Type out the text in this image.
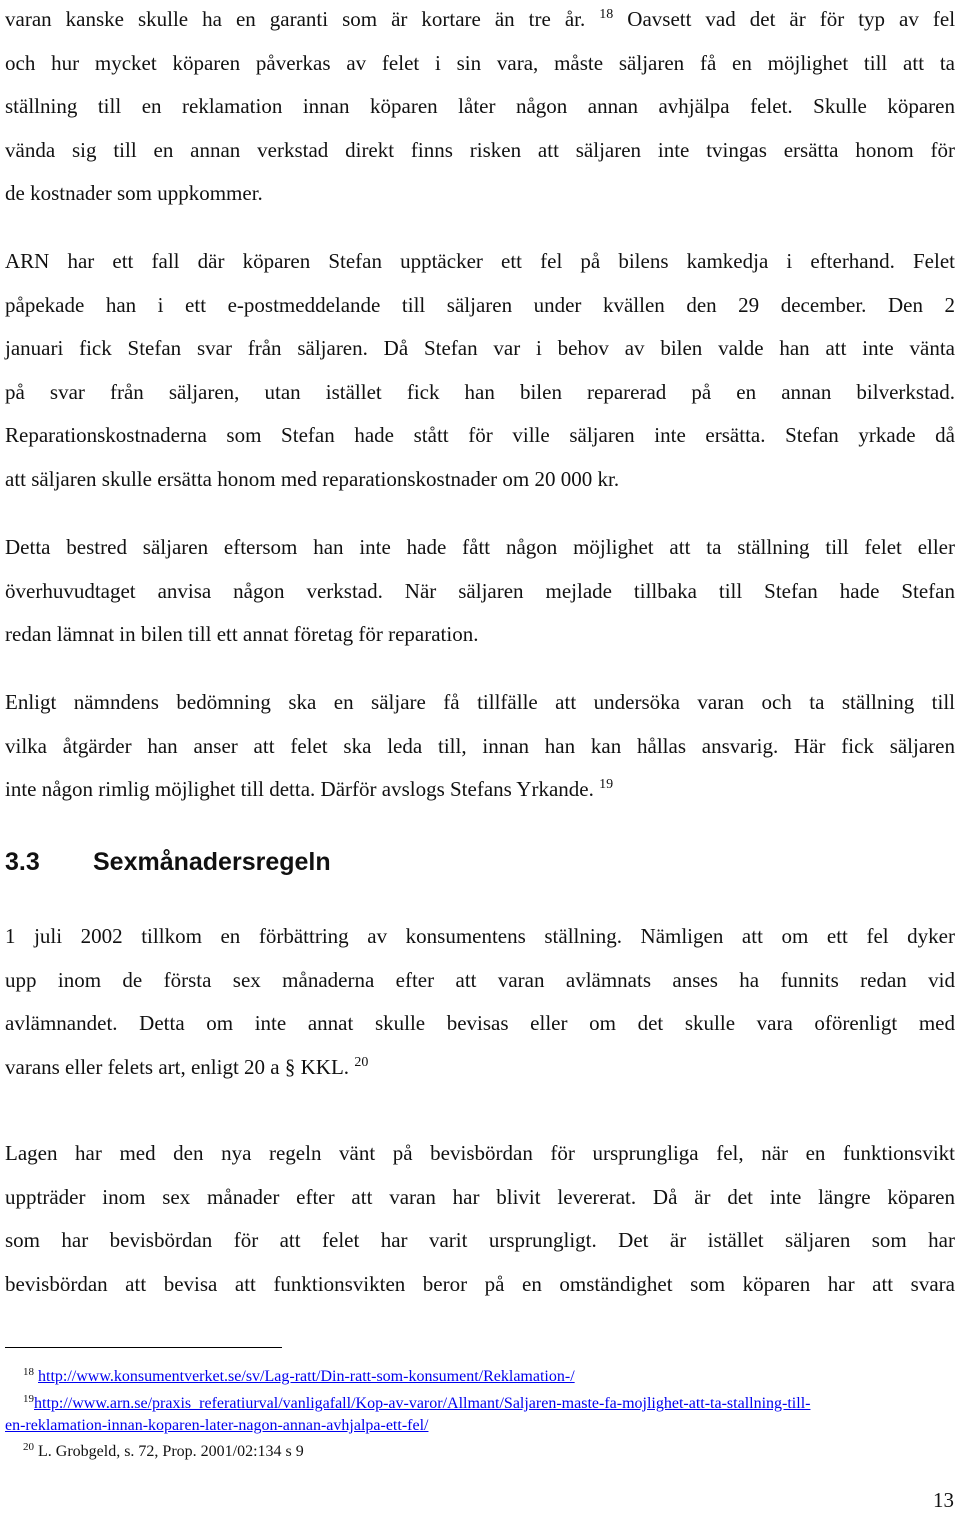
varan kanske skulle ha en garanti som är kortare än tre år. $^{18}$ Oavsett vad det är för typ av fel
och hur mycket köparen påverkas av felet i sin vara, måste säljaren få en möjlighet till att ta
ställning till en reklamation innan köparen låter någon annan avhjälpa felet. Skulle köparen
vända sig till en annan verkstad direkt finns risken att säljaren inte tvingas ersätta honom för
de kostnader som uppkommer.
ARN har ett fall där köparen Stefan upptäcker ett fel på bilens kamkedja i efterhand. Felet
påpekade han i ett e-postmeddelande till säljaren under kvällen den 29 december. Den 2
januari fick Stefan svar från säljaren. Då Stefan var i behov av bilen valde han att inte vänta
på svar från säljaren, utan istället fick han bilen reparerad på en annan bilverkstad.
Reparationskostnaderna som Stefan hade stått för ville säljaren inte ersätta. Stefan yrkade då
att säljaren skulle ersätta honom med reparationskostnader om 20 000 kr.
Detta bestred säljaren eftersom han inte hade fått någon möjlighet att ta ställning till felet eller
överhuvudtaget anvisa någon verkstad. När säljaren mejlade tillbaka till Stefan hade Stefan
redan lämnat in bilen till ett annat företag för reparation.
Enligt nämndens bedömning ska en säljare få tillfälle att undersöka varan och ta ställning till
vilka åtgärder han anser att felet ska leda till, innan han kan hållas ansvarig. Här fick säljaren
inte någon rimlig möjlighet till detta. Därför avslogs Stefans Yrkande. $^{19}$
3.3 Sexmånadersregeln
1 juli 2002 tillkom en förbättring av konsumentens ställning. Nämligen att om ett fel dyker
upp inom de första sex månaderna efter att varan avlämnats anses ha funnits redan vid
avlämnandet. Detta om inte annat skulle bevisas eller om det skulle vara oförenligt med
varans eller felets art, enligt 20 a § KKL. $^{20}$
Lagen har med den nya regeln vänt på bevisbördan för ursprungliga fel, när en funktionsvikt
uppträder inom sex månader efter att varan har blivit levererat. Då är det inte längre köparen
som har bevisbördan för att felet har varit ursprungligt. Det är istället säljaren som har
bevisbördan att bevisa att funktionsvikten beror på en omständighet som köparen har att svara
$^{18}$ http://www.konsumentverket.se/sv/Lag-ratt/Din-ratt-som-konsument/Reklamation-/
$^{19}$http://www.arn.se/praxis_referatiurval/vanligafall/Kop-av-varor/Allmant/Saljaren-maste-fa-mojlighet-att-ta-stallning-till-
en-reklamation-innan-koparen-later-nagon-annan-avhjalpa-ett-fel/
$^{20}$ L. Grobgeld, s. 72, Prop. 2001/02:134 s 9
13
